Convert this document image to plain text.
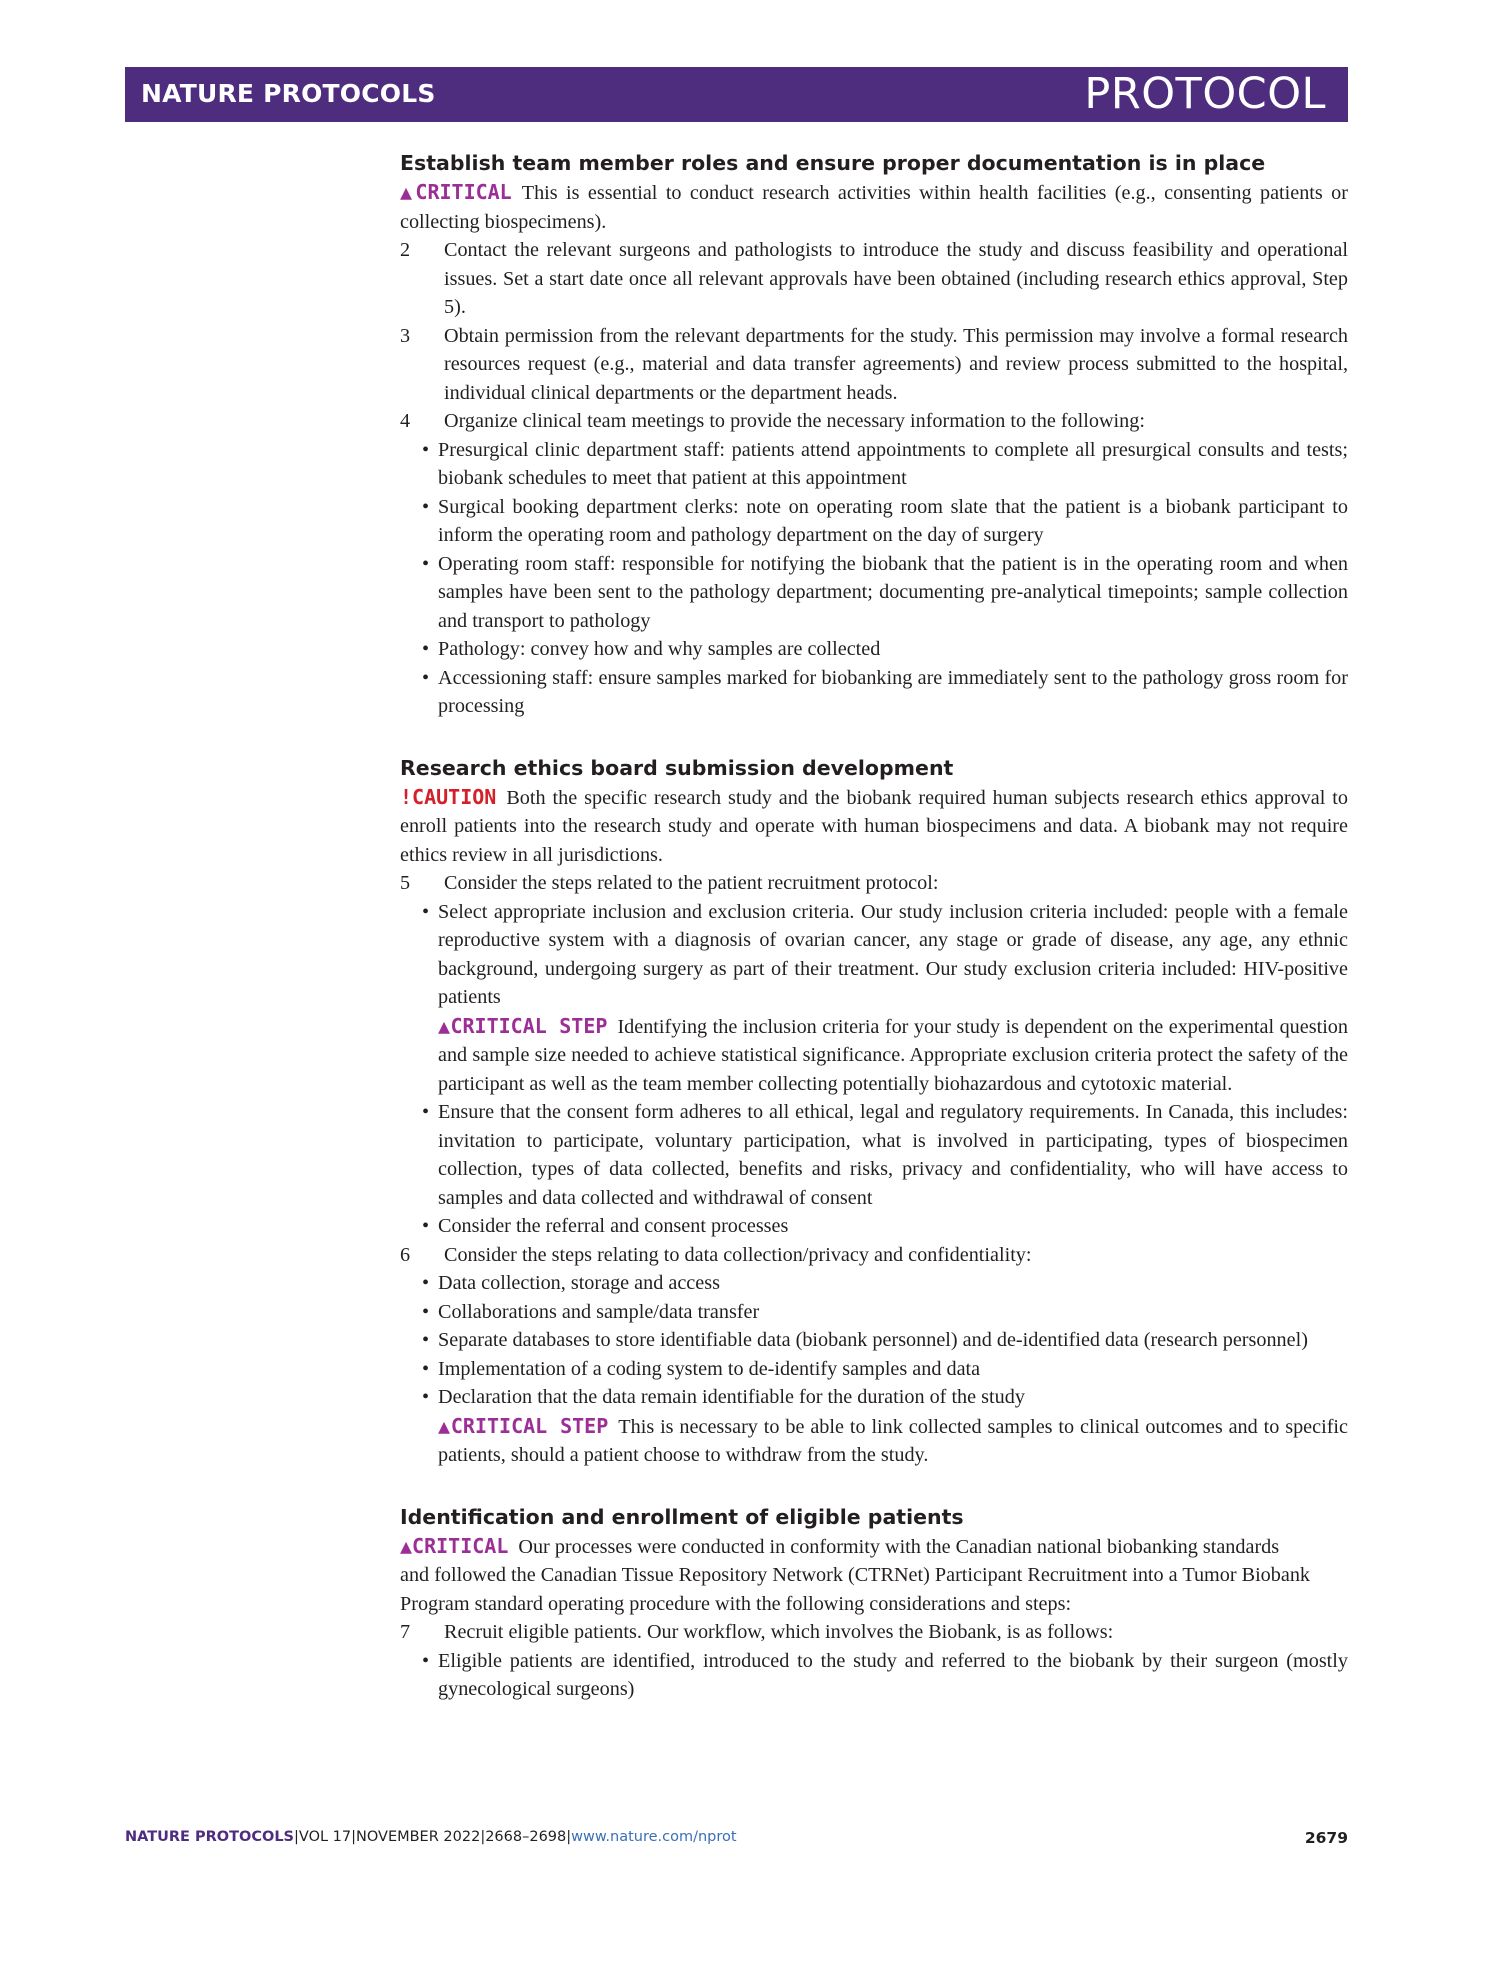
NATURE PROTOCOLS	PROTOCOL
Establish team member roles and ensure proper documentation is in place

▲CRITICAL This is essential to conduct research activities within health facilities (e.g., consenting patients or collecting biospecimens).

2 Contact the relevant surgeons and pathologists to introduce the study and discuss feasibility and operational issues. Set a start date once all relevant approvals have been obtained (including research ethics approval, Step 5).
3 Obtain permission from the relevant departments for the study. This permission may involve a formal research resources request (e.g., material and data transfer agreements) and review process submitted to the hospital, individual clinical departments or the department heads.
4 Organize clinical team meetings to provide the necessary information to the following:
• Presurgical clinic department staff: patients attend appointments to complete all presurgical consults and tests; biobank schedules to meet that patient at this appointment
• Surgical booking department clerks: note on operating room slate that the patient is a biobank participant to inform the operating room and pathology department on the day of surgery
• Operating room staff: responsible for notifying the biobank that the patient is in the operating room and when samples have been sent to the pathology department; documenting pre-analytical timepoints; sample collection and transport to pathology
• Pathology: convey how and why samples are collected
• Accessioning staff: ensure samples marked for biobanking are immediately sent to the pathology gross room for processing
Research ethics board submission development

!CAUTION Both the specific research study and the biobank required human subjects research ethics approval to enroll patients into the research study and operate with human biospecimens and data. A biobank may not require ethics review in all jurisdictions.

5 Consider the steps related to the patient recruitment protocol:
• Select appropriate inclusion and exclusion criteria. Our study inclusion criteria included: people with a female reproductive system with a diagnosis of ovarian cancer, any stage or grade of disease, any age, any ethnic background, undergoing surgery as part of their treatment. Our study exclusion criteria included: HIV-positive patients
▲CRITICAL STEP Identifying the inclusion criteria for your study is dependent on the experimental question and sample size needed to achieve statistical significance. Appropriate exclusion criteria protect the safety of the participant as well as the team member collecting potentially biohazardous and cytotoxic material.
• Ensure that the consent form adheres to all ethical, legal and regulatory requirements. In Canada, this includes: invitation to participate, voluntary participation, what is involved in participating, types of biospecimen collection, types of data collected, benefits and risks, privacy and confidentiality, who will have access to samples and data collected and withdrawal of consent
• Consider the referral and consent processes
6 Consider the steps relating to data collection/privacy and confidentiality:
• Data collection, storage and access
• Collaborations and sample/data transfer
• Separate databases to store identifiable data (biobank personnel) and de-identified data (research personnel)
• Implementation of a coding system to de-identify samples and data
• Declaration that the data remain identifiable for the duration of the study
▲CRITICAL STEP This is necessary to be able to link collected samples to clinical outcomes and to specific patients, should a patient choose to withdraw from the study.
Identification and enrollment of eligible patients

▲CRITICAL Our processes were conducted in conformity with the Canadian national biobanking standards and followed the Canadian Tissue Repository Network (CTRNet) Participant Recruitment into a Tumor Biobank Program standard operating procedure with the following considerations and steps:

7 Recruit eligible patients. Our workflow, which involves the Biobank, is as follows:
• Eligible patients are identified, introduced to the study and referred to the biobank by their surgeon (mostly gynecological surgeons)
NATURE PROTOCOLS|VOL 17|NOVEMBER 2022|2668–2698|www.nature.com/nprot	2679
